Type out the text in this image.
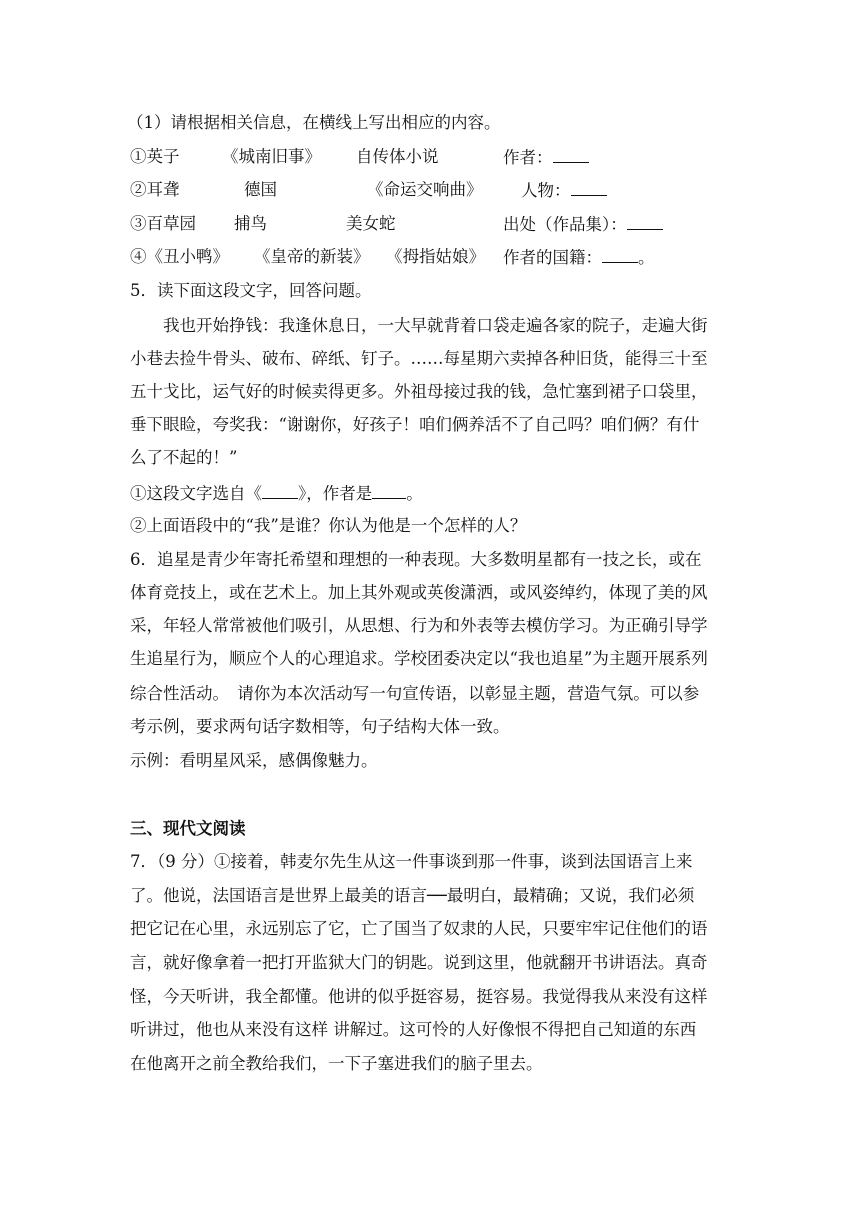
（1）请根据相关信息，在横线上写出相应的内容。
①英子	《城南旧事》 自传体小说	作者：
②耳聋	德国	《命运交响曲》 人物：
③百草园 捕鸟	美女蛇	出处（作品集）：
④《丑小鸭》 《皇帝的新装》 《拇指姑娘》 作者的国籍： 。
5．读下面这段文字，回答问题。
我也开始挣钱：我逢休息日，一大早就背着口袋走遍各家的院子，走遍大街
小巷去捡牛骨头、破布、碎纸、钉子。……每星期六卖掉各种旧货，能得三十至
五十戈比，运气好的时候卖得更多。外祖母接过我的钱，急忙塞到裙子口袋里，
垂下眼睑，夸奖我：“谢谢你，好孩子！咱们俩养活不了自己吗？咱们俩？有什
么了不起的！”
①这段文字选自《 》，作者是 。
②上面语段中的“我”是谁？你认为他是一个怎样的人？
6．追星是青少年寄托希望和理想的一种表现。大多数明星都有一技之长，或在
体育竞技上，或在艺术上。加上其外观或英俊潇洒，或风姿绰约，体现了美的风
采，年轻人常常被他们吸引，从思想、行为和外表等去模仿学习。为正确引导学
生追星行为，顺应个人的心理追求。学校团委决定以“我也追星”为主题开展系列
综合性活动。　请你为本次活动写一句宣传语，以彰显主题，营造气氛。可以参
考示例，要求两句话字数相等，句子结构大体一致。
示例：看明星风采，感偶像魅力。
三、现代文阅读
7．（9 分）①接着，韩麦尔先生从这一件事谈到那一件事，谈到法国语言上来
了。他说，法国语言是世界上最美的语言──最明白，最精确；又说，我们必须
把它记在心里，永远别忘了它，亡了国当了奴隶的人民，只要牢牢记住他们的语
言，就好像拿着一把打开监狱大门的钥匙。说到这里，他就翻开书讲语法。真奇
怪，今天听讲，我全都懂。他讲的似乎挺容易，挺容易。我觉得我从来没有这样
听讲过，他也从来没有这样 讲解过。这可怜的人好像恨不得把自己知道的东西
在他离开之前全教给我们，一下子塞进我们的脑子里去。
